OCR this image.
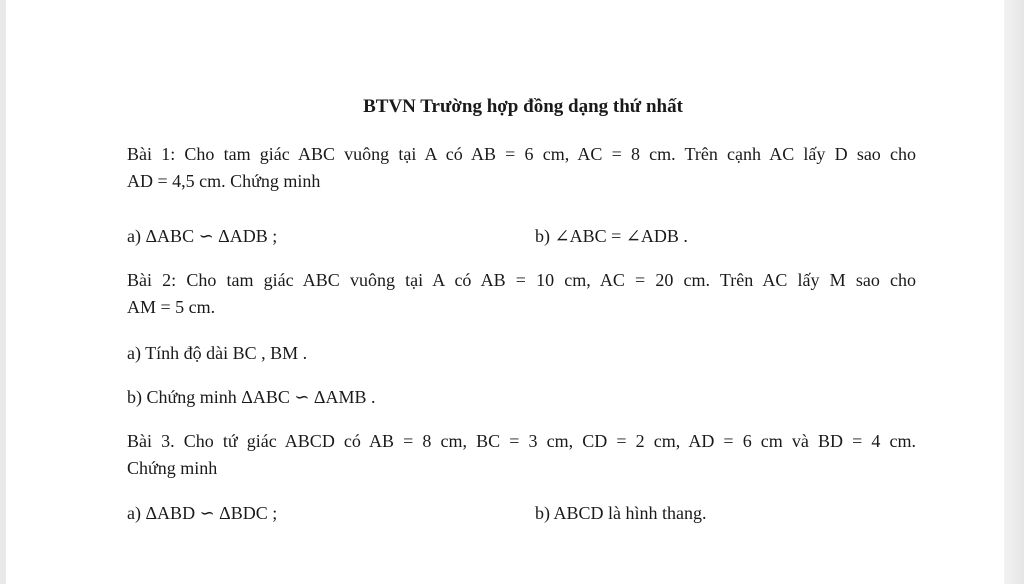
BTVN Trường hợp đồng dạng thứ nhất
Bài 1: Cho tam giác ABC vuông tại A có AB = 6 cm, AC = 8 cm. Trên cạnh AC lấy D sao cho
AD = 4,5 cm. Chứng minh
a) ΔABC ∽ ΔADB ;	b) ∠ABC = ∠ADB .
Bài 2: Cho tam giác ABC vuông tại A có AB = 10 cm, AC = 20 cm. Trên AC lấy M sao cho
AM = 5 cm.
a) Tính độ dài BC , BM .
b) Chứng minh ΔABC ∽ ΔAMB .
Bài 3. Cho tứ giác ABCD có AB = 8 cm, BC = 3 cm, CD = 2 cm, AD = 6 cm và BD = 4 cm.
Chứng minh
a) ΔABD ∽ ΔBDC ;	b) ABCD là hình thang.
